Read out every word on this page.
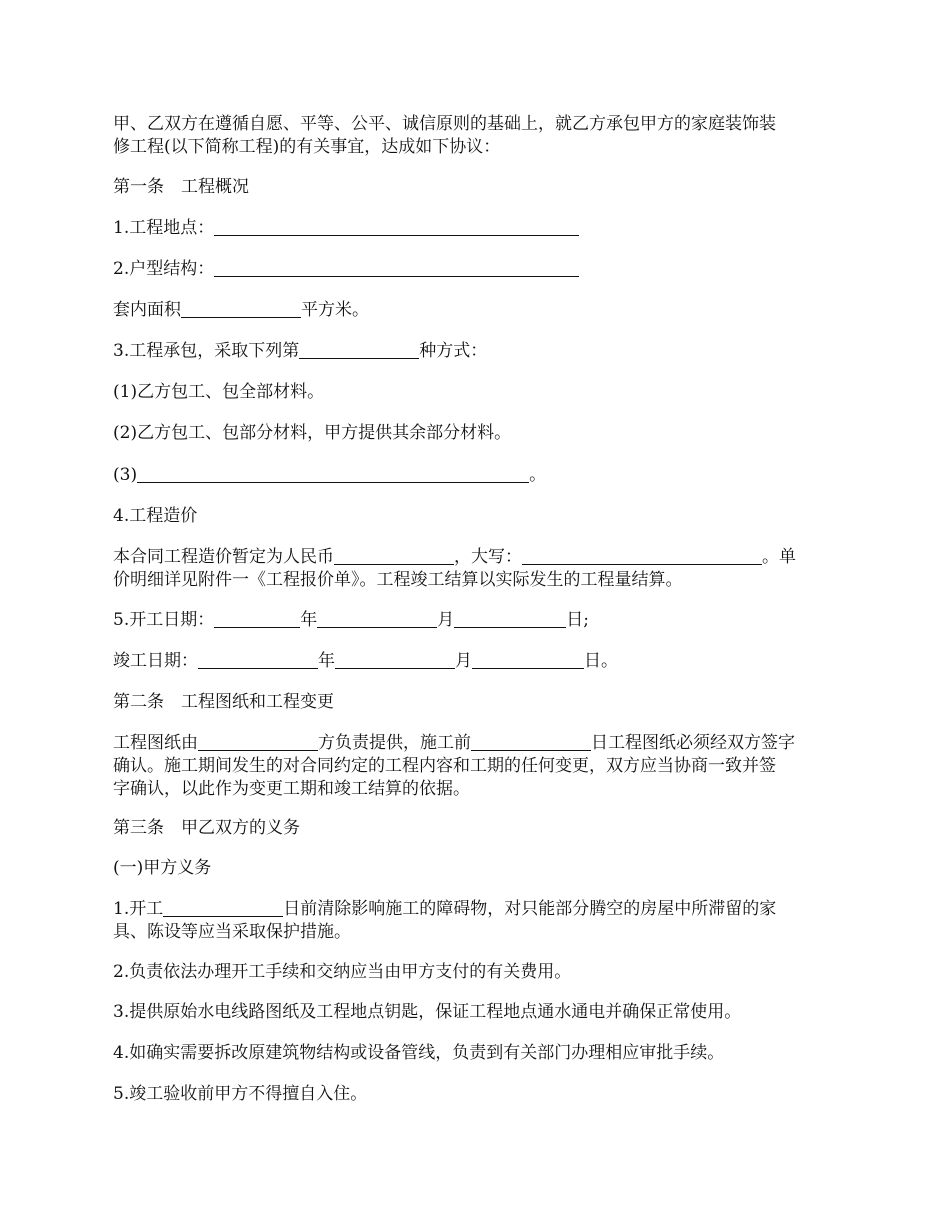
甲、乙双方在遵循自愿、平等、公平、诚信原则的基础上，就乙方承包甲方的家庭装饰装
修工程(以下简称工程)的有关事宜，达成如下协议：

第一条　工程概况

1.工程地点：

2.户型结构：

套内面积	平方米。

3.工程承包，采取下列第	种方式：

(1)乙方包工、包全部材料。

(2)乙方包工、包部分材料，甲方提供其余部分材料。

(3)	。

4.工程造价

本合同工程造价暂定为人民币	，大写：	。单
价明细详见附件一《工程报价单》。工程竣工结算以实际发生的工程量结算。

5.开工日期：	年	月	日;

竣工日期：	年	月	日。

第二条　工程图纸和工程变更

工程图纸由	方负责提供，施工前	日工程图纸必须经双方签字
确认。施工期间发生的对合同约定的工程内容和工期的任何变更，双方应当协商一致并签
字确认，以此作为变更工期和竣工结算的依据。

第三条　甲乙双方的义务

(一)甲方义务

1.开工	日前清除影响施工的障碍物，对只能部分腾空的房屋中所滞留的家
具、陈设等应当采取保护措施。

2.负责依法办理开工手续和交纳应当由甲方支付的有关费用。

3.提供原始水电线路图纸及工程地点钥匙，保证工程地点通水通电并确保正常使用。

4.如确实需要拆改原建筑物结构或设备管线，负责到有关部门办理相应审批手续。

5.竣工验收前甲方不得擅自入住。
